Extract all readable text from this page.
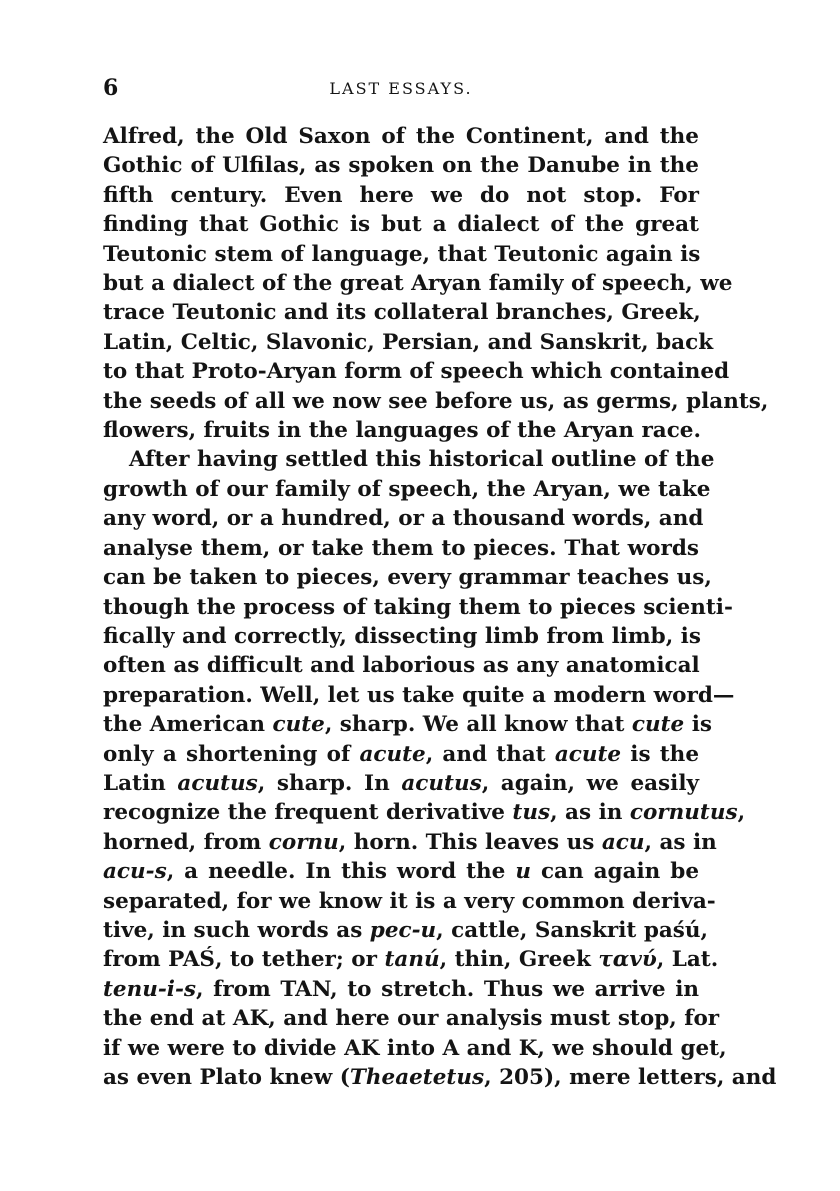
6	LAST ESSAYS.
Alfred, the Old Saxon of the Continent, and the
Gothic of Ulfilas, as spoken on the Danube in the
fifth century. Even here we do not stop. For
finding that Gothic is but a dialect of the great
Teutonic stem of language, that Teutonic again is
but a dialect of the great Aryan family of speech, we
trace Teutonic and its collateral branches, Greek,
Latin, Celtic, Slavonic, Persian, and Sanskrit, back
to that Proto-Aryan form of speech which contained
the seeds of all we now see before us, as germs, plants,
flowers, fruits in the languages of the Aryan race.
After having settled this historical outline of the
growth of our family of speech, the Aryan, we take
any word, or a hundred, or a thousand words, and
analyse them, or take them to pieces. That words
can be taken to pieces, every grammar teaches us,
though the process of taking them to pieces scienti-
fically and correctly, dissecting limb from limb, is
often as difficult and laborious as any anatomical
preparation. Well, let us take quite a modern word—
the American cute, sharp. We all know that cute is
only a shortening of acute, and that acute is the
Latin acutus, sharp. In acutus, again, we easily
recognize the frequent derivative tus, as in cornutus,
horned, from cornu, horn. This leaves us acu, as in
acu-s, a needle. In this word the u can again be
separated, for we know it is a very common deriva-
tive, in such words as pec-u, cattle, Sanskrit paśú,
from PAŚ, to tether; or tanú, thin, Greek ταvύ, Lat.
tenu-i-s, from TAN, to stretch. Thus we arrive in
the end at AK, and here our analysis must stop, for
if we were to divide AK into A and K, we should get,
as even Plato knew (Theaetetus, 205), mere letters, and
